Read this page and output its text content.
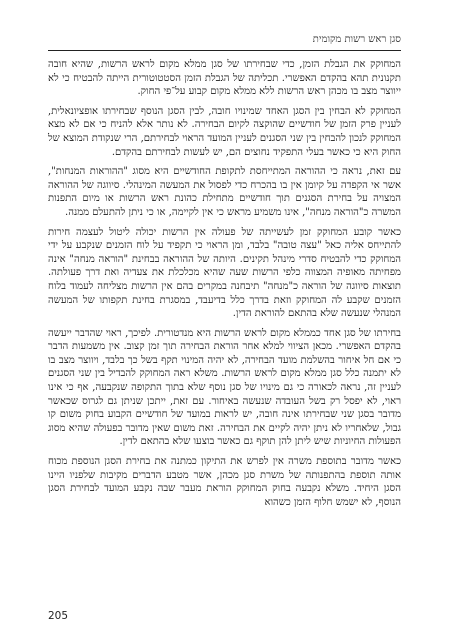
סגן ראש רשות מקומית

המחוקק את הגבלת הזמן, כדי שבחירתו של סגן ממלא מקום לראש הרשות, שהיא חובה תקנונית תהא בהקדם האפשרי. תכליתה של הגבלת הזמן הסטטוטורית הייתה להבטיח כי לא ייווצר מצב בו מכהן ראש הרשות ללא ממלא מקום קבוע על־פי החוק.

המחוקק לא הבחין בין הסגן האחד שמינויו חובה, לבין הסגן הנוסף שבחירתו אופציונאלית, לעניין פרק הזמן של חודשיים שהוקצה לקיום הבחירה. לא נותר אלא להניח כי אם לא מצא המחוקק לנכון להבחין בין שני הסגנים לעניין המועד הראוי לבחירתם, הרי שנקודת המוצא של החוק היא כי כאשר בעלי התפקיד נחוצים הם, יש לעשות לבחירתם בהקדם.

עם זאת, נראה כי ההוראה המתייחסת לתקופת החודשיים היא מסוג "ההוראות המנחות", אשר אי הקפדה על קיומן אין בו בהכרח כדי לפסול את המעשה המינהלי. סיווגה של ההוראה המצויה על בחירת הסגנים תוך חודשיים מתחילת כהונת ראש הרשות או מיום התפנות המשרה כ"הוראה מנחה", אינו משמיע מראש כי אין לקיימה, או כי ניתן להתעלם ממנה.

כאשר קובע המחוקק זמן לעשייתה של פעולה אין הרשות יכולה ליטול לעצמה חירות להתייחס אליה כאל "עצה טובה" בלבד, ומן הראוי כי תקפיד על לוח הזמנים שנקבע על ידי המחוקק כדי להבטיח סדרי מינהל תקינים. היותה של ההוראה בבחינת "הוראה מנחה" אינה מפחיתה מאופיה המצווה כלפי הרשות שעה שהיא מכלכלת את צעדיה ואת דרך פעולתה. תוצאות סיווגה של הוראה כ"מנחה" תיבחנה במקרים בהם אין הרשות מצליחה לעמוד בלוח הזמנים שקבע לה המחוקק וזאת בדרך כלל בדיעבד, במסגרת בחינת תקפותו של המעשה המנהלי שנעשה שלא בהתאם להוראת הדין.

בחירתו של סגן אחד כממלא מקום לראש הרשות היא מנדטורית. לפיכך, ראוי שהדבר ייעשה בהקדם האפשרי. מכאן הציווי למלא אחר הוראת הבחירה תוך זמן קצוב. אין משמעות הדבר כי אם חל איחור בהשלמת מועד הבחירה, לא יהיה המינוי תקף בשל כך בלבד, ויווצר מצב בו לא יתמנה כלל סגן ממלא מקום לראש הרשות. משלא ראה המחוקק להבדיל בין שני הסגנים לעניין זה, נראה לכאורה כי גם מינויו של סגן נוסף שלא בתוך התקופה שנקבעה, אף כי אינו ראוי, לא יפסל רק בשל העובדה שנעשה באיחור. עם זאת, ייתכן שניתן גם לגרוס שכאשר מדובר בסגן שני שבחירתו אינה חובה, יש לראות במועד של חודשיים הקבוע בחוק משום קו גבול, שלאחריו לא ניתן יהיה לקיים את הבחירה. זאת משום שאין מדובר בפעולה שהיא מסוג הפעולות החיוניות שיש ליתן להן תוקף גם כאשר בוצעו שלא בהתאם לדין.

כאשר מדובר בתוספת משרה אין לפרש את התיקון כמתנה את בחירת הסגן הנוספת מכוח אותה תוספת בהתפנותה של משרת סגן מכהן, אשר מטבע הדברים מקיבות שלפניו היינו הסגן היחיד. משלא נקבעה בחוק המחוקק הוראת מעבר שבה נקבע המועד לבחירת הסגן הנוסף, לא ישמש חלוף הזמן כשהוא

205
